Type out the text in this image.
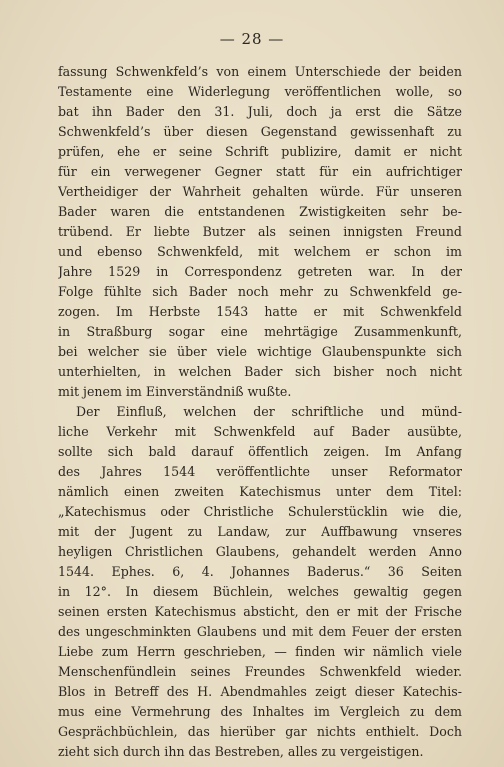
— 28 —
fassung Schwenkfeld’s von einem Unterschiede der beiden
Testamente eine Widerlegung veröffentlichen wolle, so
bat ihn Bader den 31. Juli, doch ja erst die Sätze
Schwenkfeld’s über diesen Gegenstand gewissenhaft zu
prüfen, ehe er seine Schrift publizire, damit er nicht
für ein verwegener Gegner statt für ein aufrichtiger
Vertheidiger der Wahrheit gehalten würde. Für unseren
Bader waren die entstandenen Zwistigkeiten sehr be-
trübend. Er liebte Butzer als seinen innigsten Freund
und ebenso Schwenkfeld, mit welchem er schon im
Jahre 1529 in Correspondenz getreten war. In der
Folge fühlte sich Bader noch mehr zu Schwenkfeld ge-
zogen. Im Herbste 1543 hatte er mit Schwenkfeld
in Straßburg sogar eine mehrtägige Zusammenkunft,
bei welcher sie über viele wichtige Glaubenspunkte sich
unterhielten, in welchen Bader sich bisher noch nicht
mit jenem im Einverständniß wußte.
Der Einfluß, welchen der schriftliche und münd-
liche Verkehr mit Schwenkfeld auf Bader ausübte,
sollte sich bald darauf öffentlich zeigen. Im Anfang
des Jahres 1544 veröffentlichte unser Reformator
nämlich einen zweiten Katechismus unter dem Titel:
„Katechismus oder Christliche Schulerstücklin wie die,
mit der Jugent zu Landaw, zur Auffbawung vnseres
heyligen Christlichen Glaubens, gehandelt werden Anno
1544. Ephes. 6, 4. Johannes Baderus.“ 36 Seiten
in 12°. In diesem Büchlein, welches gewaltig gegen
seinen ersten Katechismus absticht, den er mit der Frische
des ungeschminkten Glaubens und mit dem Feuer der ersten
Liebe zum Herrn geschrieben, — finden wir nämlich viele
Menschenfündlein seines Freundes Schwenkfeld wieder.
Blos in Betreff des H. Abendmahles zeigt dieser Katechis-
mus eine Vermehrung des Inhaltes im Vergleich zu dem
Gesprächbüchlein, das hierüber gar nichts enthielt. Doch
zieht sich durch ihn das Bestreben, alles zu vergeistigen.
